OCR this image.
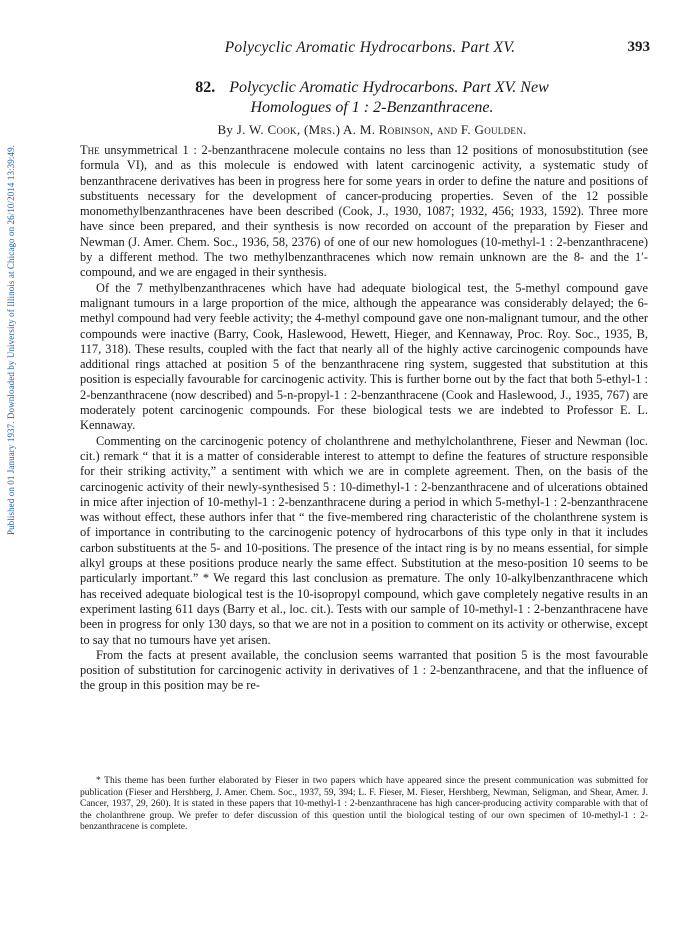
Published on 01 January 1937. Downloaded by University of Illinois at Chicago on 26/10/2014 13:39:49.
Polycyclic Aromatic Hydrocarbons. Part XV.	393
82. Polycyclic Aromatic Hydrocarbons. Part XV. New
Homologues of 1 : 2-Benzanthracene.
By J. W. Cook, (Mrs.) A. M. Robinson, and F. Goulden.

The unsymmetrical 1 : 2-benzanthracene molecule contains no less than 12 positions of monosubstitution (see formula VI), and as this molecule is endowed with latent carcinogenic activity, a systematic study of benzanthracene derivatives has been in progress here for some years in order to define the nature and positions of substituents necessary for the development of cancer-producing properties. Seven of the 12 possible monomethylbenzanthracenes have been described (Cook, J., 1930, 1087; 1932, 456; 1933, 1592). Three more have since been prepared, and their synthesis is now recorded on account of the preparation by Fieser and Newman (J. Amer. Chem. Soc., 1936, 58, 2376) of one of our new homologues (10-methyl-1 : 2-benzanthracene) by a different method. The two methylbenzanthracenes which now remain unknown are the 8- and the 1′-compound, and we are engaged in their synthesis.

Of the 7 methylbenzanthracenes which have had adequate biological test, the 5-methyl compound gave malignant tumours in a large proportion of the mice, although the appearance was considerably delayed; the 6-methyl compound had very feeble activity; the 4-methyl compound gave one non-malignant tumour, and the other compounds were inactive (Barry, Cook, Haslewood, Hewett, Hieger, and Kennaway, Proc. Roy. Soc., 1935, B, 117, 318). These results, coupled with the fact that nearly all of the highly active carcinogenic compounds have additional rings attached at position 5 of the benzanthracene ring system, suggested that substitution at this position is especially favourable for carcinogenic activity. This is further borne out by the fact that both 5-ethyl-1 : 2-benzanthracene (now described) and 5-n-propyl-1 : 2-benzanthracene (Cook and Haslewood, J., 1935, 767) are moderately potent carcinogenic compounds. For these biological tests we are indebted to Professor E. L. Kennaway.

Commenting on the carcinogenic potency of cholanthrene and methylcholanthrene, Fieser and Newman (loc. cit.) remark “ that it is a matter of considerable interest to attempt to define the features of structure responsible for their striking activity,” a sentiment with which we are in complete agreement. Then, on the basis of the carcinogenic activity of their newly-synthesised 5 : 10-dimethyl-1 : 2-benzanthracene and of ulcerations obtained in mice after injection of 10-methyl-1 : 2-benzanthracene during a period in which 5-methyl-1 : 2-benzanthracene was without effect, these authors infer that “ the five-membered ring characteristic of the cholanthrene system is of importance in contributing to the carcinogenic potency of hydrocarbons of this type only in that it includes carbon substituents at the 5- and 10-positions. The presence of the intact ring is by no means essential, for simple alkyl groups at these positions produce nearly the same effect. Substitution at the meso-position 10 seems to be particularly important.” * We regard this last conclusion as premature. The only 10-alkylbenzanthracene which has received adequate biological test is the 10-isopropyl compound, which gave completely negative results in an experiment lasting 611 days (Barry et al., loc. cit.). Tests with our sample of 10-methyl-1 : 2-benzanthracene have been in progress for only 130 days, so that we are not in a position to comment on its activity or otherwise, except to say that no tumours have yet arisen.

From the facts at present available, the conclusion seems warranted that position 5 is the most favourable position of substitution for carcinogenic activity in derivatives of 1 : 2-benzanthracene, and that the influence of the group in this position may be re-

* This theme has been further elaborated by Fieser in two papers which have appeared since the present communication was submitted for publication (Fieser and Hershberg, J. Amer. Chem. Soc., 1937, 59, 394; L. F. Fieser, M. Fieser, Hershberg, Newman, Seligman, and Shear, Amer. J. Cancer, 1937, 29, 260). It is stated in these papers that 10-methyl-1 : 2-benzanthracene has high cancer-producing activity comparable with that of the cholanthrene group. We prefer to defer discussion of this question until the biological testing of our own specimen of 10-methyl-1 : 2-benzanthracene is complete.
